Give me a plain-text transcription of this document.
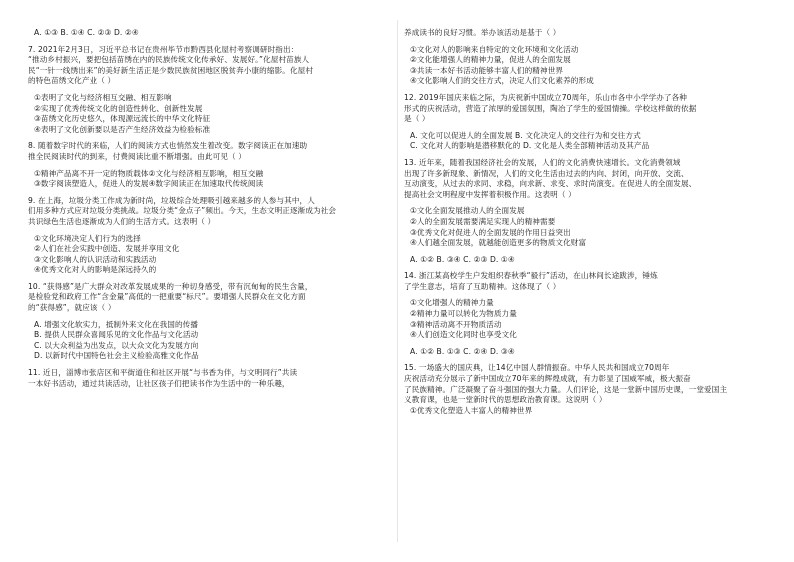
A. ①③ B. ①④ C. ②③ D. ②④
7. 2021年2月3日，习近平总书记在贵州毕节市黔西县化屋村考察调研时指出：
“推动乡村振兴，要把包括苗绣在内的民族传统文化传承好、发展好。”化屋村苗族人
民“一针一线绣出来”的美好新生活正是少数民族贫困地区脱贫奔小康的缩影。化屋村
的特色苗绣文化产业（ ）
①表明了文化与经济相互交融、相互影响
②实现了优秀传统文化的创造性转化、创新性发展
③苗绣文化历史悠久，体现源远流长的中华文化特征
④表明了文化创新要以是否产生经济效益为检验标准
8. 随着数字时代的来临，人们的阅读方式也悄然发生着改变。数字阅读正在加速助
推全民阅读时代的到来，付费阅读比重不断增强。由此可见（ ）
①精神产品离不开一定的物质载体②文化与经济相互影响，相互交融
③数字阅读塑造人，促进人的发展④数字阅读正在加速取代传统阅读
9. 在上海，垃圾分类工作成为新时尚，垃圾综合处理吸引越来越多的人参与其中，人
们用多种方式应对垃圾分类挑战。垃圾分类“金点子”频出。今天，生态文明正逐渐成为社会
共识绿色生活也逐渐成为人们的生活方式。这表明（ ）
①文化环境决定人们行为的选择
②人们在社会实践中创造、发展并享用文化
③文化影响人的认识活动和实践活动
④优秀文化对人的影响是深远持久的
10. “获得感”是广大群众对改革发展成果的一种切身感受，带有沉甸甸的民生含量，
是检验党和政府工作“含金量”高低的一把重要“标尺”。要增强人民群众在文化方面
的“获得感”，就应该（ ）
A. 增强文化软实力，抵制外来文化在我国的传播
B. 提供人民群众喜闻乐见的文化作品与文化活动
C. 以大众利益为出发点，以大众文化为发展方向
D. 以新时代中国特色社会主义检验高雅文化作品
11. 近日，淄博市张店区和平街道住和社区开展“与书香为伴，与文明同行”共读
一本好书活动，通过共读活动，让社区孩子们把读书作为生活中的一种乐趣，
养成读书的良好习惯。举办该活动是基于（ ）
①文化对人的影响来自特定的文化环境和文化活动
②文化能增强人的精神力量，促进人的全面发展
③共读一本好书活动能够丰富人们的精神世界
④文化影响人们的交往方式，决定人们文化素养的形成
12. 2019年国庆来临之际，为庆祝新中国成立70周年，乐山市各中小学学办了各种
形式的庆祝活动，营造了浓厚的爱国氛围，陶冶了学生的爱国情操。学校这样做的依据
是（ ）
A. 文化可以促进人的全面发展 B. 文化决定人的交往行为和交往方式
C. 文化对人的影响是潜移默化的 D. 文化是人类全部精神活动及其产品
13. 近年来，随着我国经济社会的发展，人们的文化消费快速增长。文化消费领域
出现了许多新现象、新情况，人们的文化生活由过去的内向、封闭，向开放、交流、
互动演变，从过去的求同、求稳，向求新、求变、求时尚演变。在促进人的全面发展、
提高社会文明程度中发挥着积极作用。这表明（ ）
①文化全面发展推动人的全面发展
②人的全面发展需要满足实现人的精神需要
③优秀文化对促进人的全面发展的作用日益突出
④人们越全面发展，就越能创造更多的物质文化财富
A. ①② B. ③④ C. ②③ D. ①④
14. 浙江某高校学生户发组织春秋季“毅行”活动，在山林间长途跋涉，锤炼
了学生意志，培育了互助精神。这体现了（ ）
①文化增强人的精神力量
②精神力量可以转化为物质力量
③精神活动离不开物质活动
④人们创造文化同时也享受文化
A. ①② B. ①③ C. ②④ D. ③④
15. 一场盛大的国庆典，让14亿中国人群情振奋。中华人民共和国成立70周年
庆祝活动充分展示了新中国成立70年来的辉煌成就，有力彰显了国威军威，极大振奋
了民族精神。广泛凝聚了奋斗强国的强大力量。人们评论，这是一堂新中国历史课，一堂爱国主
义教育课，也是一堂新时代的思想政治教育课。这说明（ ）
①优秀文化塑造人丰富人的精神世界
